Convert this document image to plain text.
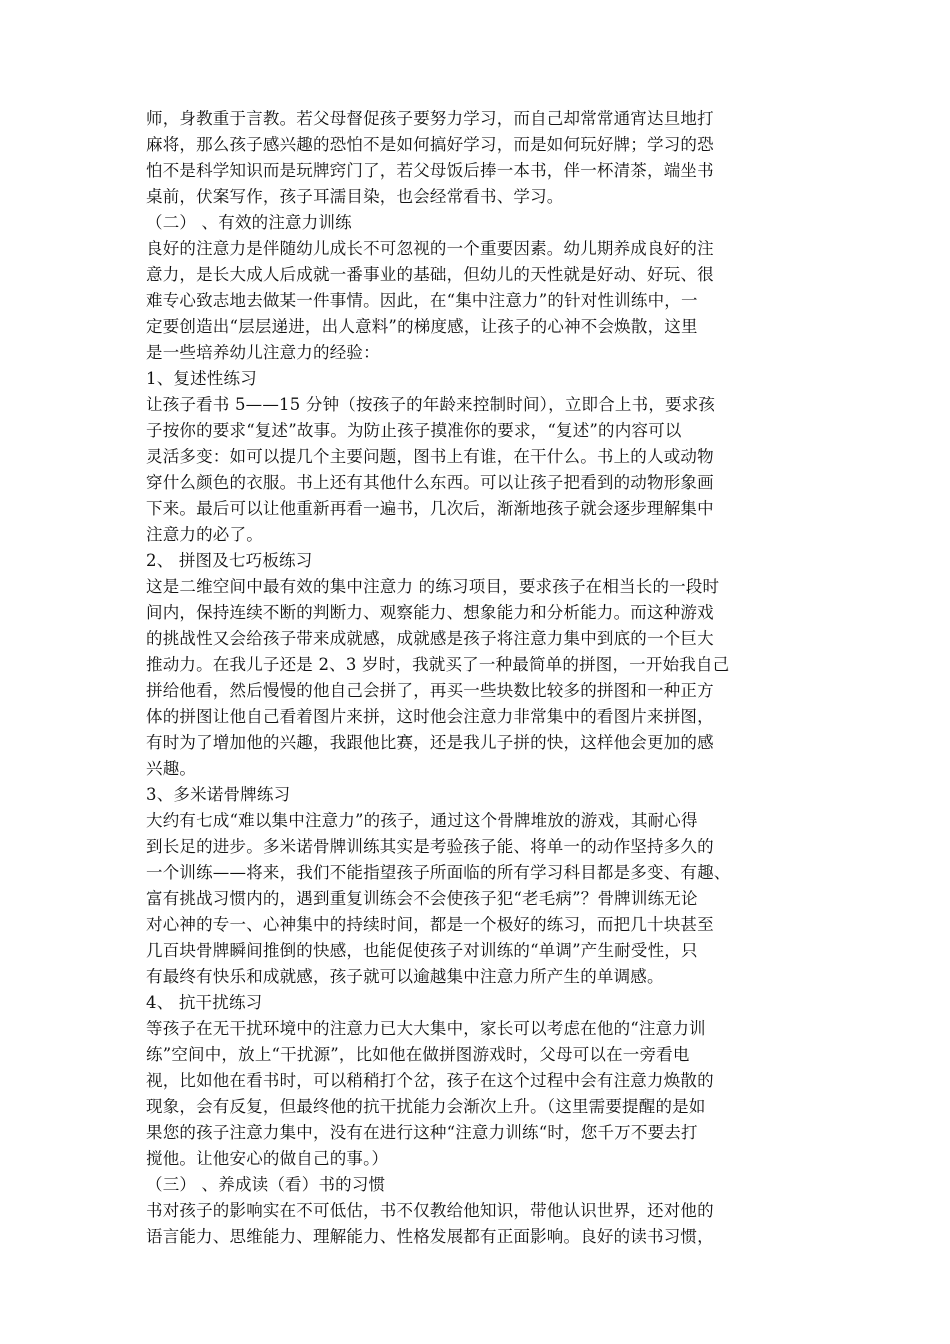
师，身教重于言教。若父母督促孩子要努力学习，而自己却常常通宵达旦地打
麻将，那么孩子感兴趣的恐怕不是如何搞好学习，而是如何玩好牌；学习的恐
怕不是科学知识而是玩牌窍门了，若父母饭后捧一本书，伴一杯清茶，端坐书
桌前，伏案写作，孩子耳濡目染，也会经常看书、学习。
（二） 、有效的注意力训练
良好的注意力是伴随幼儿成长不可忽视的一个重要因素。幼儿期养成良好的注
意力，是长大成人后成就一番事业的基础，但幼儿的天性就是好动、好玩、很
难专心致志地去做某一件事情。因此，在“集中注意力”的针对性训练中，一
定要创造出“层层递进，出人意料”的梯度感，让孩子的心神不会焕散，这里
是一些培养幼儿注意力的经验：
1、复述性练习
让孩子看书 5——15 分钟（按孩子的年龄来控制时间），立即合上书，要求孩
子按你的要求“复述”故事。为防止孩子摸准你的要求，“复述”的内容可以
灵活多变：如可以提几个主要问题，图书上有谁，在干什么。书上的人或动物
穿什么颜色的衣服。书上还有其他什么东西。可以让孩子把看到的动物形象画
下来。最后可以让他重新再看一遍书，几次后，渐渐地孩子就会逐步理解集中
注意力的必了。
2、 拼图及七巧板练习
这是二维空间中最有效的集中注意力 的练习项目，要求孩子在相当长的一段时
间内，保持连续不断的判断力、观察能力、想象能力和分析能力。而这种游戏
的挑战性又会给孩子带来成就感，成就感是孩子将注意力集中到底的一个巨大
推动力。在我儿子还是 2、3 岁时，我就买了一种最简单的拼图，一开始我自己
拼给他看，然后慢慢的他自己会拼了，再买一些块数比较多的拼图和一种正方
体的拼图让他自己看着图片来拼，这时他会注意力非常集中的看图片来拼图，
有时为了增加他的兴趣，我跟他比赛，还是我儿子拼的快，这样他会更加的感
兴趣。
3、多米诺骨牌练习
大约有七成“难以集中注意力”的孩子，通过这个骨牌堆放的游戏，其耐心得
到长足的进步。多米诺骨牌训练其实是考验孩子能、将单一的动作坚持多久的
一个训练——将来，我们不能指望孩子所面临的所有学习科目都是多变、有趣、
富有挑战习惯内的，遇到重复训练会不会使孩子犯“老毛病”？骨牌训练无论
对心神的专一、心神集中的持续时间，都是一个极好的练习，而把几十块甚至
几百块骨牌瞬间推倒的快感，也能促使孩子对训练的“单调”产生耐受性，只
有最终有快乐和成就感，孩子就可以逾越集中注意力所产生的单调感。
4、 抗干扰练习
等孩子在无干扰环境中的注意力已大大集中，家长可以考虑在他的“注意力训
练”空间中，放上“干扰源”，比如他在做拼图游戏时，父母可以在一旁看电
视，比如他在看书时，可以稍稍打个岔，孩子在这个过程中会有注意力焕散的
现象，会有反复，但最终他的抗干扰能力会渐次上升。（这里需要提醒的是如
果您的孩子注意力集中，没有在进行这种“注意力训练“时，您千万不要去打
搅他。让他安心的做自己的事。）
（三） 、养成读（看）书的习惯
书对孩子的影响实在不可低估，书不仅教给他知识，带他认识世界，还对他的
语言能力、思维能力、理解能力、性格发展都有正面影响。良好的读书习惯，
